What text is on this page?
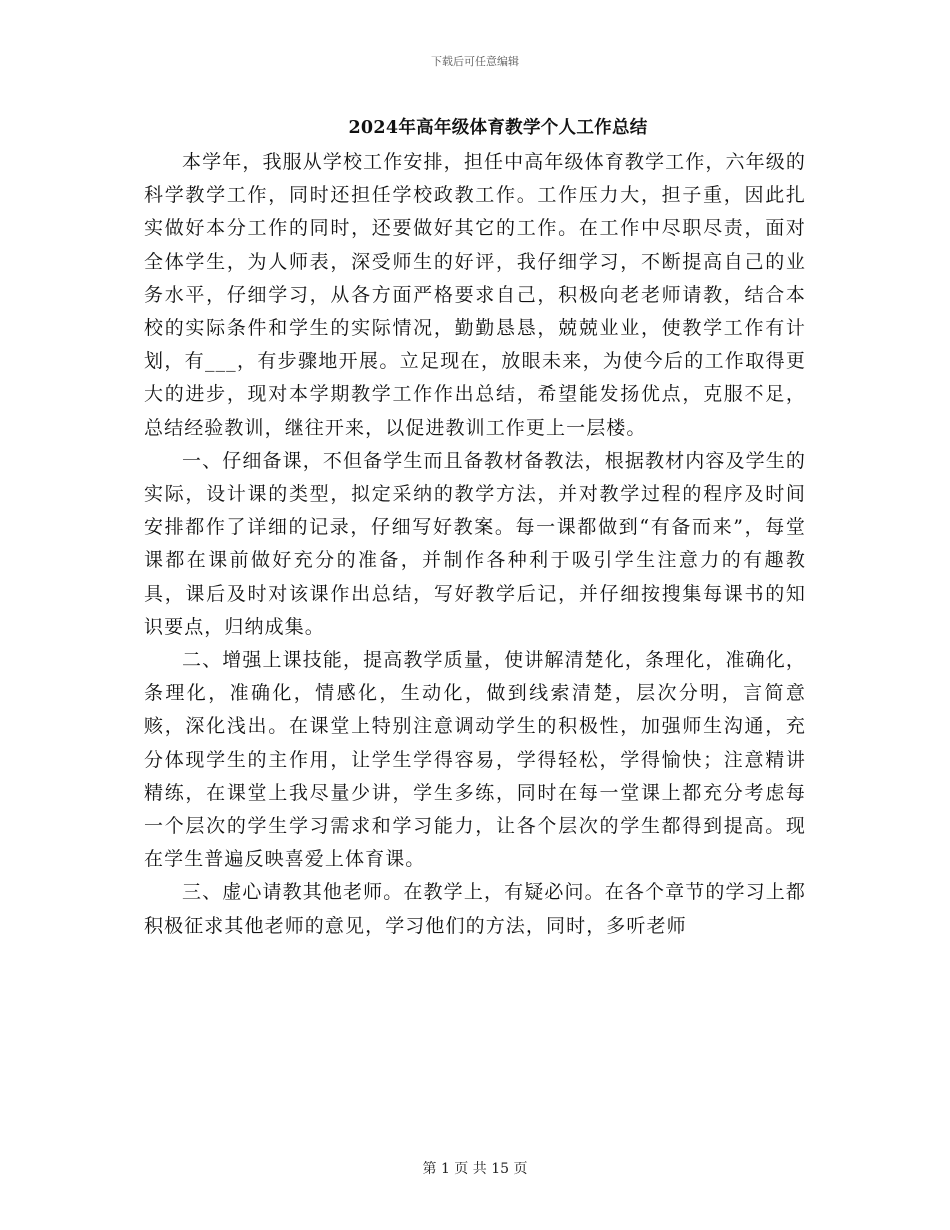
下载后可任意编辑
2024年高年级体育教学个人工作总结

本学年，我服从学校工作安排，担任中高年级体育教学工作，六年级的科学教学工作，同时还担任学校政教工作。工作压力大，担子重，因此扎实做好本分工作的同时，还要做好其它的工作。在工作中尽职尽责，面对全体学生，为人师表，深受师生的好评，我仔细学习，不断提高自己的业务水平，仔细学习，从各方面严格要求自己，积极向老老师请教，结合本校的实际条件和学生的实际情况，勤勤恳恳，兢兢业业，使教学工作有计划，有___，有步骤地开展。立足现在，放眼未来，为使今后的工作取得更大的进步，现对本学期教学工作作出总结，希望能发扬优点，克服不足，总结经验教训，继往开来，以促进教训工作更上一层楼。

一、仔细备课，不但备学生而且备教材备教法，根据教材内容及学生的实际，设计课的类型，拟定采纳的教学方法，并对教学过程的程序及时间安排都作了详细的记录，仔细写好教案。每一课都做到“有备而来”，每堂课都在课前做好充分的准备，并制作各种利于吸引学生注意力的有趣教具，课后及时对该课作出总结，写好教学后记，并仔细按搜集每课书的知识要点，归纳成集。

二、增强上课技能，提高教学质量，使讲解清楚化，条理化，准确化，条理化，准确化，情感化，生动化，做到线索清楚，层次分明，言简意赅，深化浅出。在课堂上特别注意调动学生的积极性，加强师生沟通，充分体现学生的主作用，让学生学得容易，学得轻松，学得愉快；注意精讲精练，在课堂上我尽量少讲，学生多练，同时在每一堂课上都充分考虑每一个层次的学生学习需求和学习能力，让各个层次的学生都得到提高。现在学生普遍反映喜爱上体育课。

三、虚心请教其他老师。在教学上，有疑必问。在各个章节的学习上都积极征求其他老师的意见，学习他们的方法，同时，多听老师

第 1 页 共 15 页
